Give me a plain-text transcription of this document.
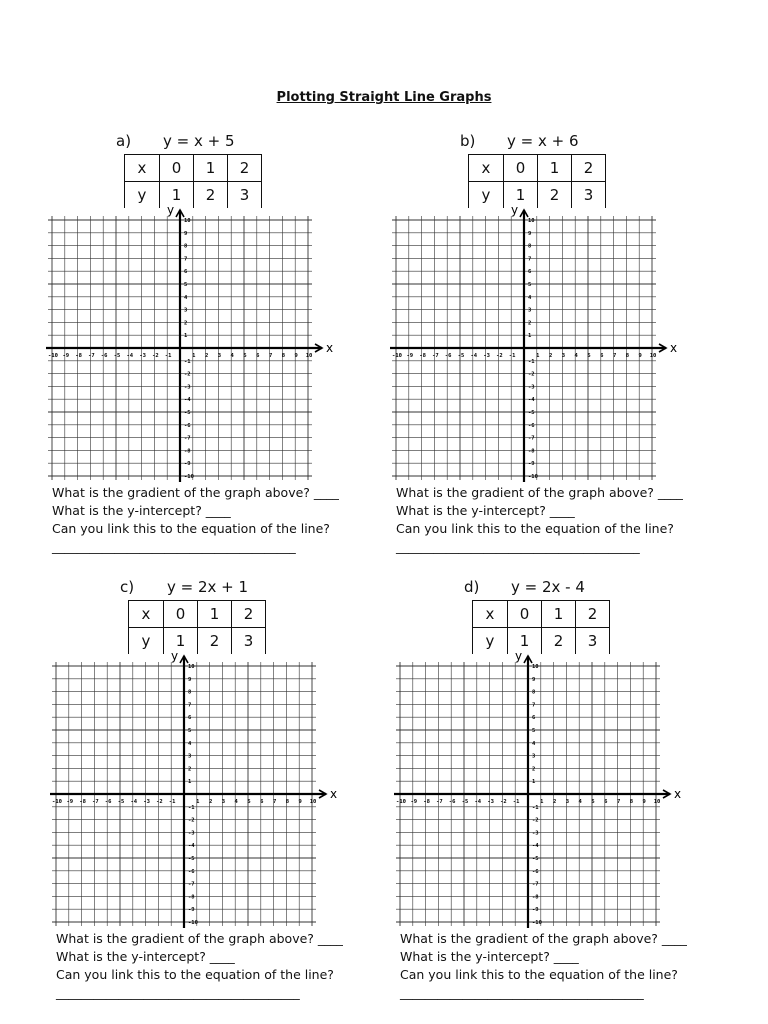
Plotting Straight Line Graphs
a) y = x + 5
x	0	1	2
y	1	2	3
x
y
-10 -9 -8 -7 -6 -5 -4 -3 -2 -1	1 2 3 4 5 6 7 8 9 10
10
9
8
7
6
5
4
3
2
1
-1
-2
-3
-4
-5
-6
-7
-8
-9
-10
What is the gradient of the graph above? ____
What is the y-intercept? ____
Can you link this to the equation of the line?
_______________________________________
b) y = x + 6
x	0	1	2
y	1	2	3
x
y
-10 -9 -8 -7 -6 -5 -4 -3 -2 -1	1 2 3 4 5 6 7 8 9 10
10
9
8
7
6
5
4
3
2
1
-1
-2
-3
-4
-5
-6
-7
-8
-9
-10
What is the gradient of the graph above? ____
What is the y-intercept? ____
Can you link this to the equation of the line?
_______________________________________
c) y = 2x + 1
x	0	1	2
y	1	2	3
x
y
-10 -9 -8 -7 -6 -5 -4 -3 -2 -1	1 2 3 4 5 6 7 8 9 10
10
9
8
7
6
5
4
3
2
1
-1
-2
-3
-4
-5
-6
-7
-8
-9
-10
What is the gradient of the graph above? ____
What is the y-intercept? ____
Can you link this to the equation of the line?
_______________________________________
d) y = 2x - 4
x	0	1	2
y	1	2	3
x
y
-10 -9 -8 -7 -6 -5 -4 -3 -2 -1	1 2 3 4 5 6 7 8 9 10
10
9
8
7
6
5
4
3
2
1
-1
-2
-3
-4
-5
-6
-7
-8
-9
-10
What is the gradient of the graph above? ____
What is the y-intercept? ____
Can you link this to the equation of the line?
_______________________________________
